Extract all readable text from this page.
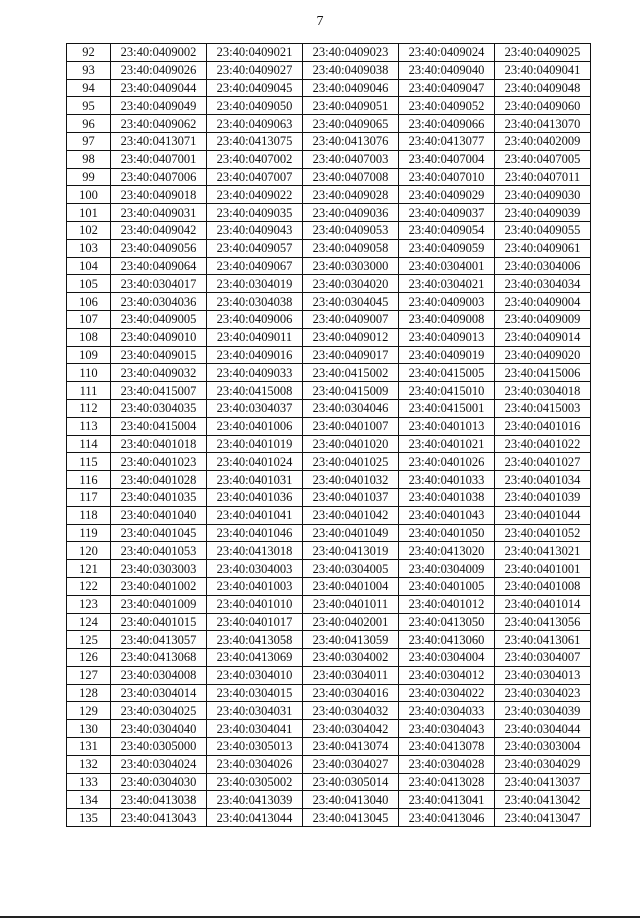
7
92	23:40:0409002	23:40:0409021	23:40:0409023	23:40:0409024	23:40:0409025
93	23:40:0409026	23:40:0409027	23:40:0409038	23:40:0409040	23:40:0409041
94	23:40:0409044	23:40:0409045	23:40:0409046	23:40:0409047	23:40:0409048
95	23:40:0409049	23:40:0409050	23:40:0409051	23:40:0409052	23:40:0409060
96	23:40:0409062	23:40:0409063	23:40:0409065	23:40:0409066	23:40:0413070
97	23:40:0413071	23:40:0413075	23:40:0413076	23:40:0413077	23:40:0402009
98	23:40:0407001	23:40:0407002	23:40:0407003	23:40:0407004	23:40:0407005
99	23:40:0407006	23:40:0407007	23:40:0407008	23:40:0407010	23:40:0407011
100	23:40:0409018	23:40:0409022	23:40:0409028	23:40:0409029	23:40:0409030
101	23:40:0409031	23:40:0409035	23:40:0409036	23:40:0409037	23:40:0409039
102	23:40:0409042	23:40:0409043	23:40:0409053	23:40:0409054	23:40:0409055
103	23:40:0409056	23:40:0409057	23:40:0409058	23:40:0409059	23:40:0409061
104	23:40:0409064	23:40:0409067	23:40:0303000	23:40:0304001	23:40:0304006
105	23:40:0304017	23:40:0304019	23:40:0304020	23:40:0304021	23:40:0304034
106	23:40:0304036	23:40:0304038	23:40:0304045	23:40:0409003	23:40:0409004
107	23:40:0409005	23:40:0409006	23:40:0409007	23:40:0409008	23:40:0409009
108	23:40:0409010	23:40:0409011	23:40:0409012	23:40:0409013	23:40:0409014
109	23:40:0409015	23:40:0409016	23:40:0409017	23:40:0409019	23:40:0409020
110	23:40:0409032	23:40:0409033	23:40:0415002	23:40:0415005	23:40:0415006
111	23:40:0415007	23:40:0415008	23:40:0415009	23:40:0415010	23:40:0304018
112	23:40:0304035	23:40:0304037	23:40:0304046	23:40:0415001	23:40:0415003
113	23:40:0415004	23:40:0401006	23:40:0401007	23:40:0401013	23:40:0401016
114	23:40:0401018	23:40:0401019	23:40:0401020	23:40:0401021	23:40:0401022
115	23:40:0401023	23:40:0401024	23:40:0401025	23:40:0401026	23:40:0401027
116	23:40:0401028	23:40:0401031	23:40:0401032	23:40:0401033	23:40:0401034
117	23:40:0401035	23:40:0401036	23:40:0401037	23:40:0401038	23:40:0401039
118	23:40:0401040	23:40:0401041	23:40:0401042	23:40:0401043	23:40:0401044
119	23:40:0401045	23:40:0401046	23:40:0401049	23:40:0401050	23:40:0401052
120	23:40:0401053	23:40:0413018	23:40:0413019	23:40:0413020	23:40:0413021
121	23:40:0303003	23:40:0304003	23:40:0304005	23:40:0304009	23:40:0401001
122	23:40:0401002	23:40:0401003	23:40:0401004	23:40:0401005	23:40:0401008
123	23:40:0401009	23:40:0401010	23:40:0401011	23:40:0401012	23:40:0401014
124	23:40:0401015	23:40:0401017	23:40:0402001	23:40:0413050	23:40:0413056
125	23:40:0413057	23:40:0413058	23:40:0413059	23:40:0413060	23:40:0413061
126	23:40:0413068	23:40:0413069	23:40:0304002	23:40:0304004	23:40:0304007
127	23:40:0304008	23:40:0304010	23:40:0304011	23:40:0304012	23:40:0304013
128	23:40:0304014	23:40:0304015	23:40:0304016	23:40:0304022	23:40:0304023
129	23:40:0304025	23:40:0304031	23:40:0304032	23:40:0304033	23:40:0304039
130	23:40:0304040	23:40:0304041	23:40:0304042	23:40:0304043	23:40:0304044
131	23:40:0305000	23:40:0305013	23:40:0413074	23:40:0413078	23:40:0303004
132	23:40:0304024	23:40:0304026	23:40:0304027	23:40:0304028	23:40:0304029
133	23:40:0304030	23:40:0305002	23:40:0305014	23:40:0413028	23:40:0413037
134	23:40:0413038	23:40:0413039	23:40:0413040	23:40:0413041	23:40:0413042
135	23:40:0413043	23:40:0413044	23:40:0413045	23:40:0413046	23:40:0413047
